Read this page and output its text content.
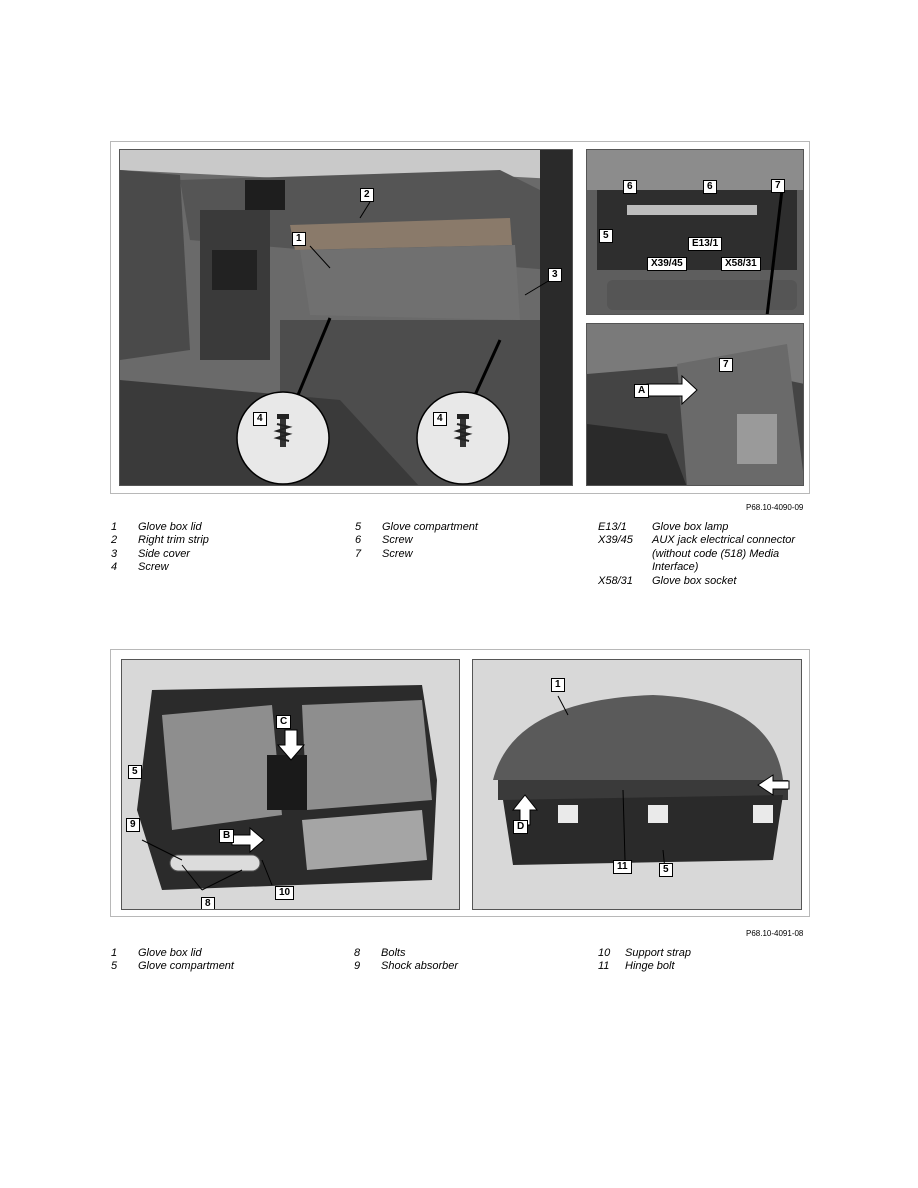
1
2
3
4	4
6	6	7
5
E13/1
X39/45	X58/31
A
7
P68.10-4090-09
1	Glove box lid
2	Right trim strip
3	Side cover
4	Screw
5	Glove compartment
6	Screw
7	Screw
E13/1	Glove box lamp
X39/45	AUX jack electrical connector (without code (518) Media Interface)
X58/31	Glove box socket
5
9
8
10
B
C
1
D
11	5
P68.10-4091-08
1	Glove box lid
5	Glove compartment
8	Bolts
9	Shock absorber
10	Support strap
11	Hinge bolt
